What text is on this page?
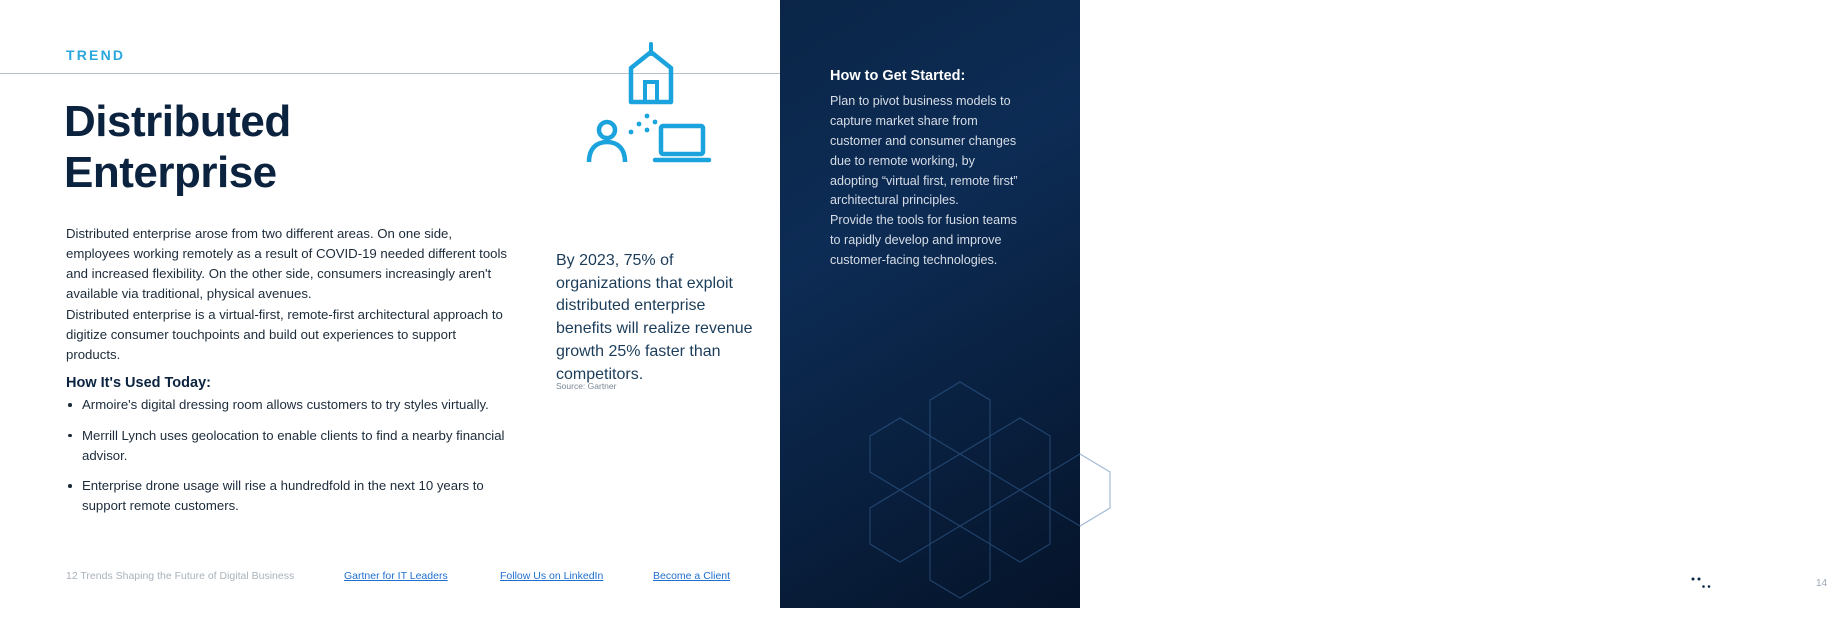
TREND
Distributed
Enterprise
Distributed enterprise arose from two different areas. On one side, employees working remotely as a result of COVID-19 needed different tools and increased flexibility. On the other side, consumers increasingly aren't available via traditional, physical avenues.
Distributed enterprise is a virtual-first, remote-first architectural approach to digitize consumer touchpoints and build out experiences to support products.
How It's Used Today:
Armoire's digital dressing room allows customers to try styles virtually.
Merrill Lynch uses geolocation to enable clients to find a nearby financial advisor.
Enterprise drone usage will rise a hundredfold in the next 10 years to support remote customers.
By 2023, 75% of organizations that exploit distributed enterprise benefits will realize revenue growth 25% faster than competitors.
Source: Gartner
12 Trends Shaping the Future of Digital Business	Gartner for IT Leaders	Follow Us on LinkedIn	Become a Client
How to Get Started:

Plan to pivot business models to capture market share from customer and consumer changes due to remote working, by adopting “virtual first, remote first” architectural principles.

Provide the tools for fusion teams to rapidly develop and improve customer-facing technologies.

孙金城
14
